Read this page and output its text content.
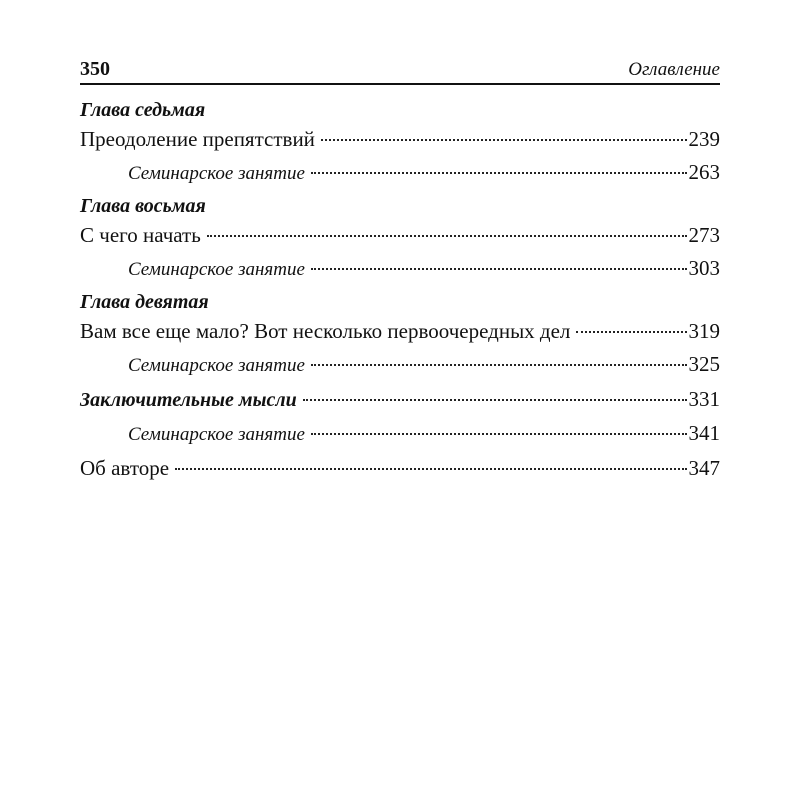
350	Оглавление
Глава седьмая
Преодоление препятствий	239
Семинарское занятие	263
Глава восьмая
С чего начать	273
Семинарское занятие	303
Глава девятая
Вам все еще мало? Вот несколько первоочередных дел	319
Семинарское занятие	325
Заключительные мысли	331
Семинарское занятие	341
Об авторе	347
